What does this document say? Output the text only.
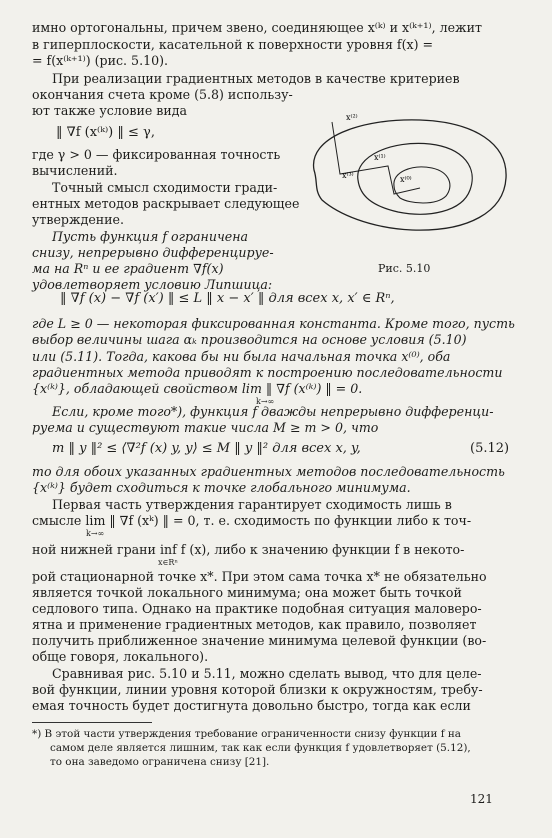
имно ортогональны, причем звено, соединяющее x⁽ᵏ⁾ и x⁽ᵏ⁺¹⁾, лежит
в гиперплоскости, касательной к поверхности уровня f(x) =
= f(x⁽ᵏ⁺¹⁾) (рис. 5.10).
При реализации градиентных методов в качестве критериев
окончания счета кроме (5.8) использу-
ют также условие вида
‖ ∇f (x⁽ᵏ⁾) ‖ ≤ γ,
где γ > 0 — фиксированная точность
вычислений.
Точный смысл сходимости гради-
ентных методов раскрывает следующее
утверждение.
Пусть функция f ограничена
снизу, непрерывно дифференцируе-
ма на Rⁿ и ее градиент ∇f(x)
удовлетворяет условию Липшица:
x⁽²⁾
x⁽³⁾
x⁽¹⁾
x⁽⁰⁾
Рис. 5.10
‖ ∇f (x) − ∇f (x′) ‖ ≤ L ‖ x − x′ ‖ для всех x, x′ ∈ Rⁿ,
где L ≥ 0 — некоторая фиксированная константа. Кроме того, пусть
выбор величины шага αₖ производится на основе условия (5.10)
или (5.11). Тогда, какова бы ни была начальная точка x⁽⁰⁾, оба
градиентных метода приводят к построению последовательности
{x⁽ᵏ⁾}, обладающей свойством lim ‖ ∇f (x⁽ᵏ⁾) ‖ = 0.
k→∞
Если, кроме того*), функция f дважды непрерывно дифференци-
руема и существуют такие числа M ≥ m > 0, что
m ‖ y ‖² ≤ ⟨∇²f (x) y, y⟩ ≤ M ‖ y ‖² для всех x, y,	(5.12)
то для обоих указанных градиентных методов последовательность
{x⁽ᵏ⁾} будет сходиться к точке глобального минимума.
Первая часть утверждения гарантирует сходимость лишь в
смысле lim ‖ ∇f (xᵏ) ‖ = 0, т. е. сходимость по функции либо к точ-
k→∞
ной нижней грани inf f (x), либо к значению функции f в некото-
x∈Rⁿ
рой стационарной точке x*. При этом сама точка x* не обязательно
является точкой локального минимума; она может быть точкой
седлового типа. Однако на практике подобная ситуация маловеро-
ятна и применение градиентных методов, как правило, позволяет
получить приближенное значение минимума целевой функции (во-
обще говоря, локального).
Сравнивая рис. 5.10 и 5.11, можно сделать вывод, что для целе-
вой функции, линии уровня которой близки к окружностям, требу-
емая точность будет достигнута довольно быстро, тогда как если
*) В этой части утверждения требование ограниченности снизу функции f на
самом деле является лишним, так как если функция f удовлетворяет (5.12),
то она заведомо ограничена снизу [21].
121
